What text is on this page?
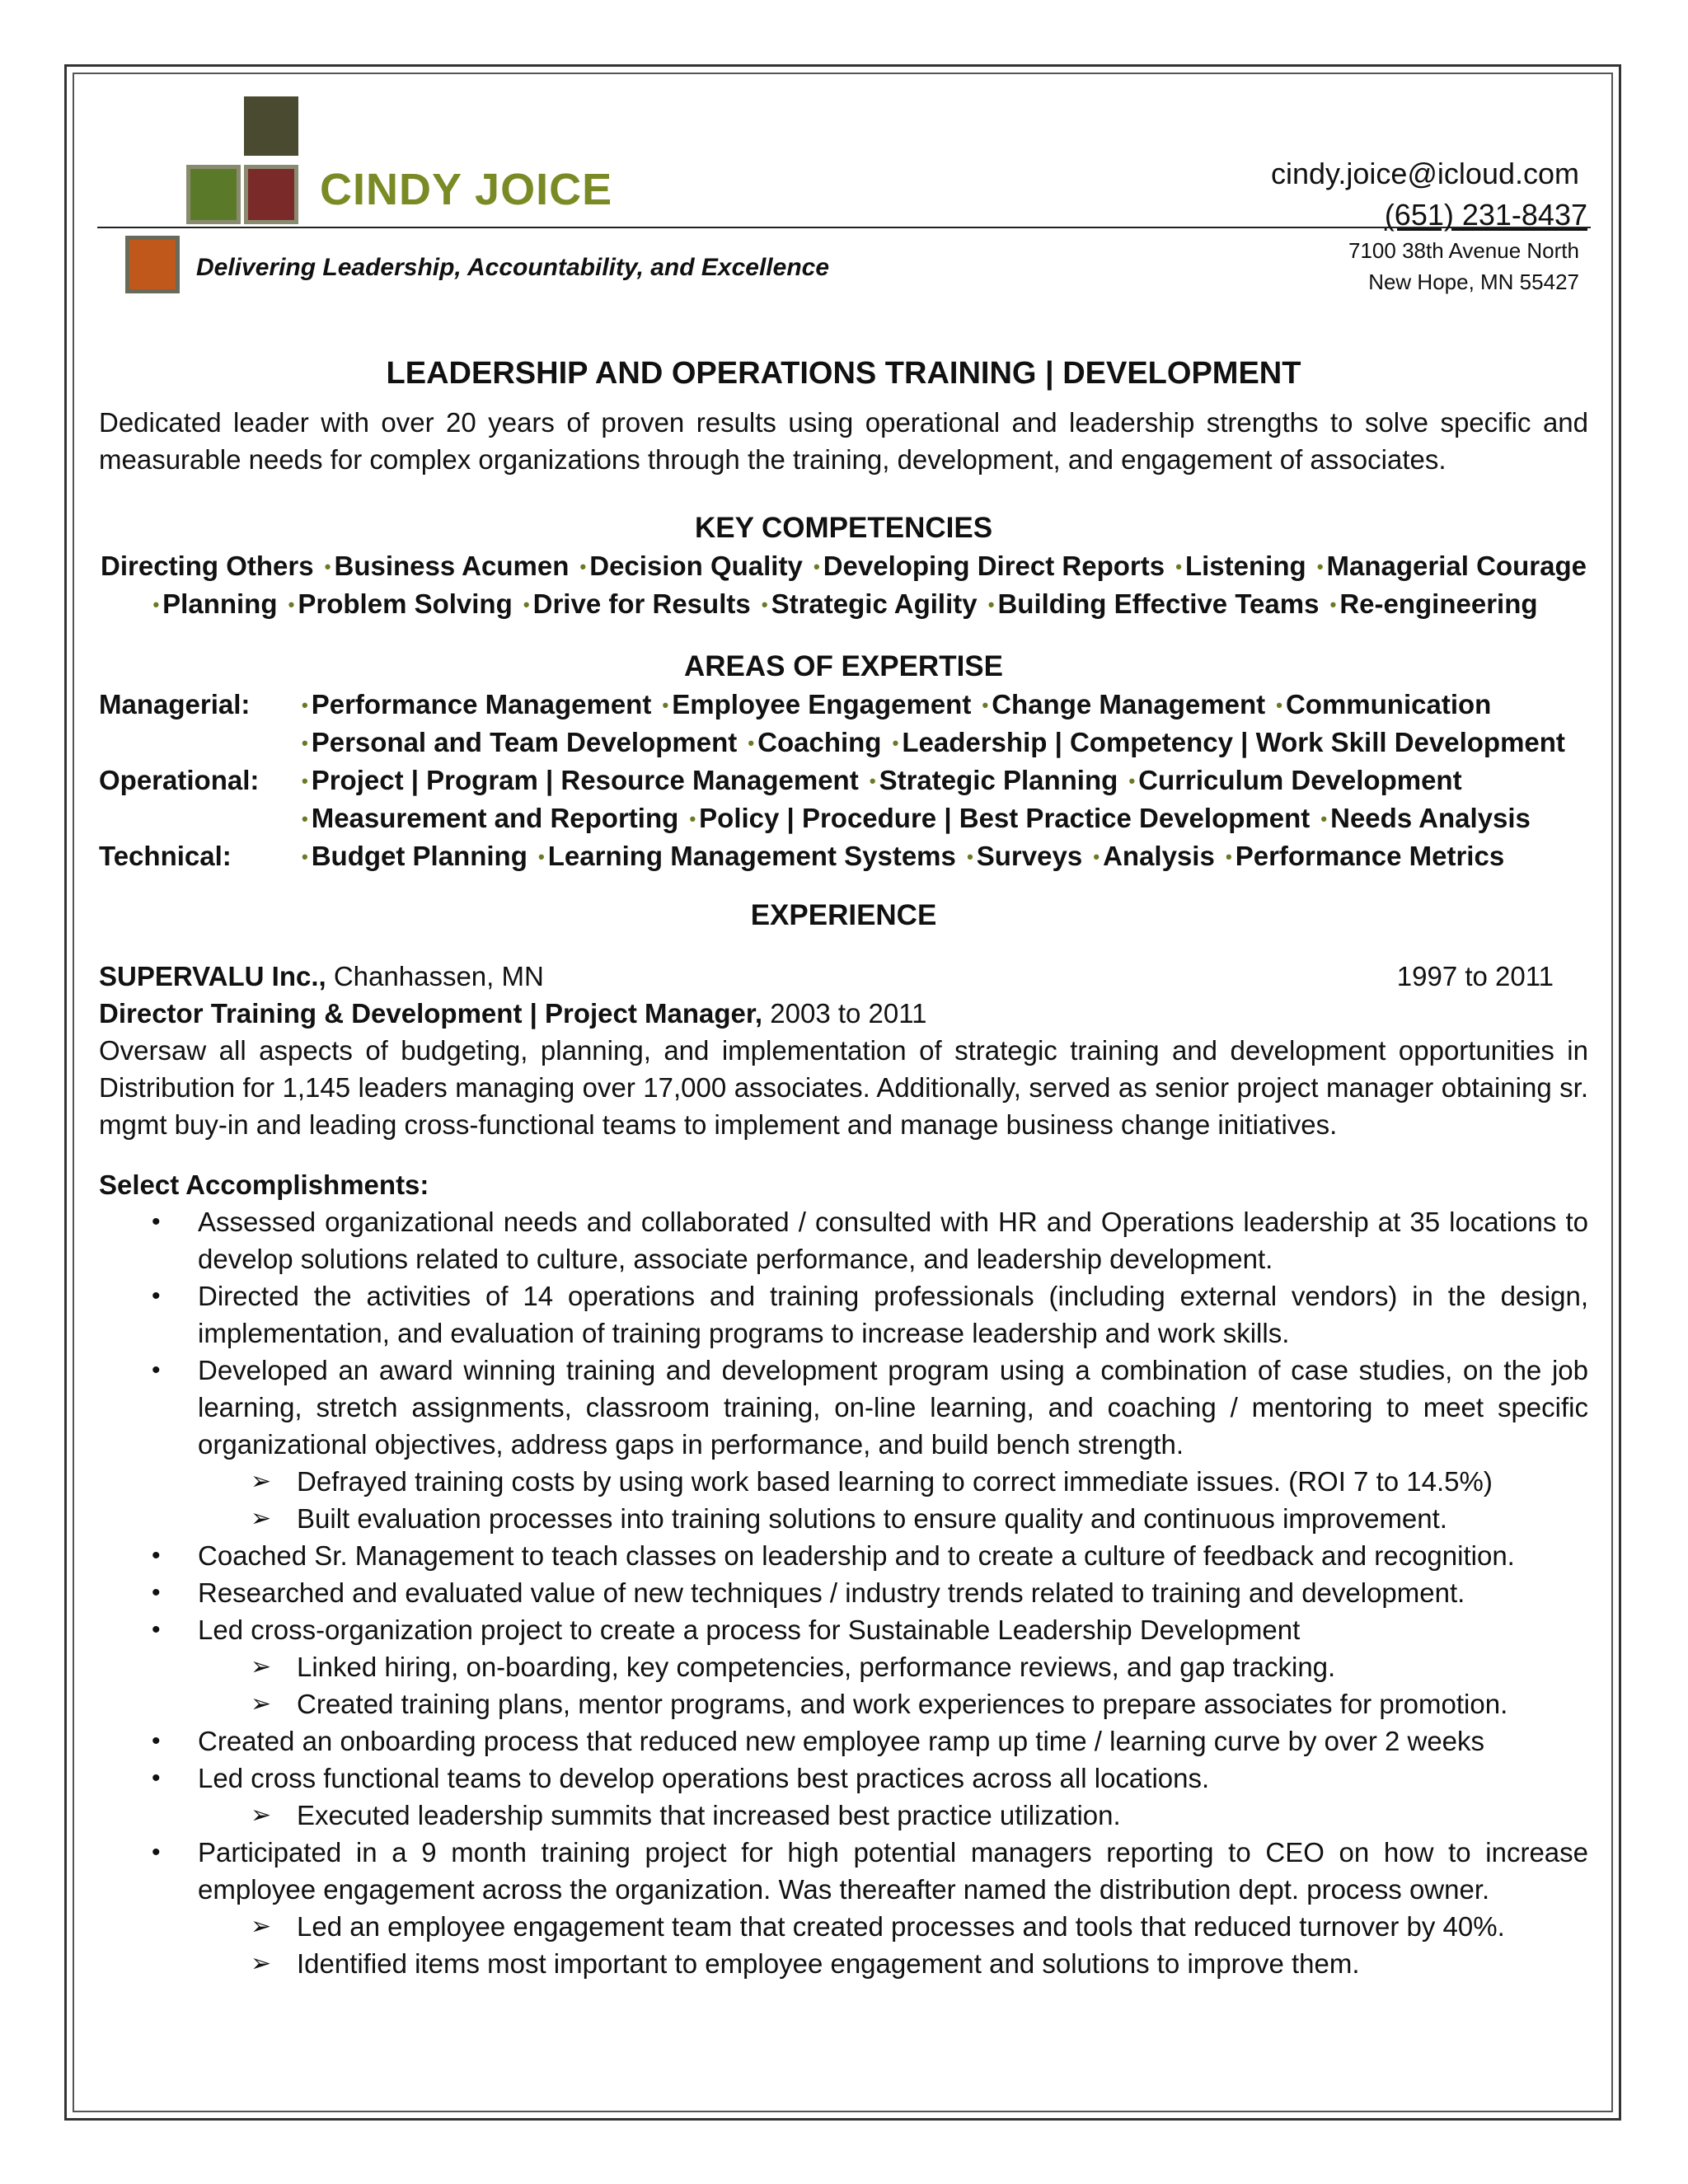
CINDY JOICE
Delivering Leadership, Accountability, and Excellence
cindy.joice@icloud.com
(651) 231-8437
7100 38th Avenue North
New Hope, MN 55427
LEADERSHIP AND OPERATIONS TRAINING | DEVELOPMENT
Dedicated leader with over 20 years of proven results using operational and leadership strengths to solve specific and measurable needs for complex organizations through the training, development, and engagement of associates.
KEY COMPETENCIES
Directing Others • Business Acumen • Decision Quality • Developing Direct Reports • Listening • Managerial Courage
• Planning • Problem Solving • Drive for Results • Strategic Agility • Building Effective Teams • Re-engineering
AREAS OF EXPERTISE
Managerial:	• Performance Management • Employee Engagement • Change Management • Communication
• Personal and Team Development • Coaching • Leadership | Competency | Work Skill Development
Operational:	• Project | Program | Resource Management • Strategic Planning • Curriculum Development
• Measurement and Reporting • Policy | Procedure | Best Practice Development • Needs Analysis
Technical:	• Budget Planning • Learning Management Systems • Surveys • Analysis • Performance Metrics
EXPERIENCE
SUPERVALU Inc., Chanhassen, MN	1997 to 2011
Director Training & Development | Project Manager, 2003 to 2011
Oversaw all aspects of budgeting, planning, and implementation of strategic training and development opportunities in Distribution for 1,145 leaders managing over 17,000 associates. Additionally, served as senior project manager obtaining sr. mgmt buy-in and leading cross-functional teams to implement and manage business change initiatives.
Select Accomplishments:
• Assessed organizational needs and collaborated / consulted with HR and Operations leadership at 35 locations to develop solutions related to culture, associate performance, and leadership development.
• Directed the activities of 14 operations and training professionals (including external vendors) in the design, implementation, and evaluation of training programs to increase leadership and work skills.
• Developed an award winning training and development program using a combination of case studies, on the job learning, stretch assignments, classroom training, on-line learning, and coaching / mentoring to meet specific organizational objectives, address gaps in performance, and build bench strength.
➢ Defrayed training costs by using work based learning to correct immediate issues. (ROI 7 to 14.5%)
➢ Built evaluation processes into training solutions to ensure quality and continuous improvement.
• Coached Sr. Management to teach classes on leadership and to create a culture of feedback and recognition.
• Researched and evaluated value of new techniques / industry trends related to training and development.
• Led cross-organization project to create a process for Sustainable Leadership Development
➢ Linked hiring, on-boarding, key competencies, performance reviews, and gap tracking.
➢ Created training plans, mentor programs, and work experiences to prepare associates for promotion.
• Created an onboarding process that reduced new employee ramp up time / learning curve by over 2 weeks
• Led cross functional teams to develop operations best practices across all locations.
➢ Executed leadership summits that increased best practice utilization.
• Participated in a 9 month training project for high potential managers reporting to CEO on how to increase employee engagement across the organization. Was thereafter named the distribution dept. process owner.
➢ Led an employee engagement team that created processes and tools that reduced turnover by 40%.
➢ Identified items most important to employee engagement and solutions to improve them.
